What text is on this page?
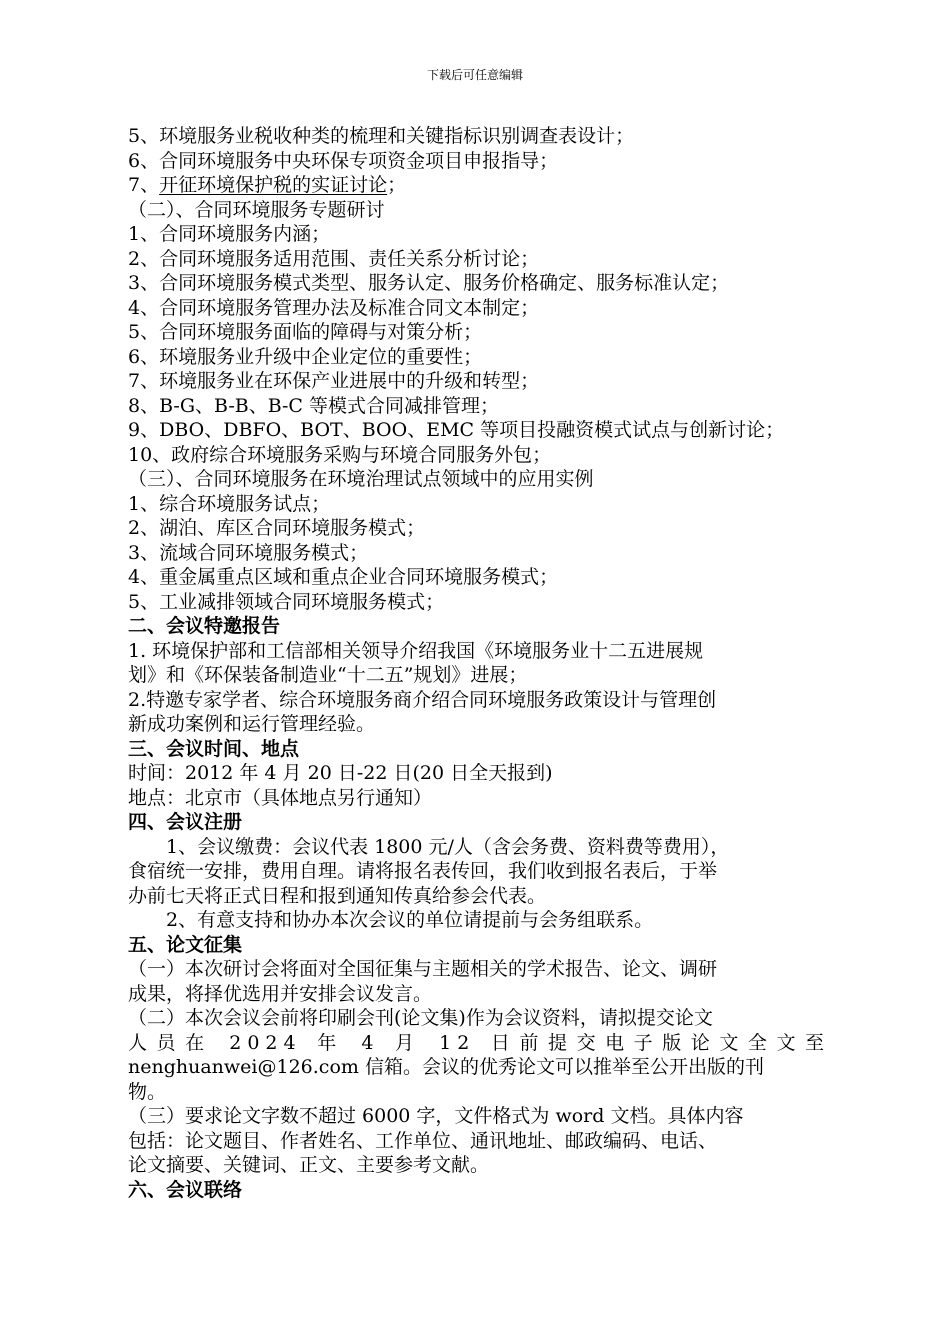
下载后可任意编辑
5、环境服务业税收种类的梳理和关键指标识别调查表设计；
6、合同环境服务中央环保专项资金项目申报指导；
7、开征环境保护税的实证讨论；
（二）、合同环境服务专题研讨
1、合同环境服务内涵；
2、合同环境服务适用范围、责任关系分析讨论；
3、合同环境服务模式类型、服务认定、服务价格确定、服务标准认定；
4、合同环境服务管理办法及标准合同文本制定；
5、合同环境服务面临的障碍与对策分析；
6、环境服务业升级中企业定位的重要性；
7、环境服务业在环保产业进展中的升级和转型；
8、B-G、B-B、B-C 等模式合同减排管理；
9、DBO、DBFO、BOT、BOO、EMC 等项目投融资模式试点与创新讨论；
10、政府综合环境服务采购与环境合同服务外包；
（三）、合同环境服务在环境治理试点领域中的应用实例
1、综合环境服务试点；
2、湖泊、库区合同环境服务模式；
3、流域合同环境服务模式；
4、重金属重点区域和重点企业合同环境服务模式；
5、工业减排领域合同环境服务模式；
二、会议特邀报告
1. 环境保护部和工信部相关领导介绍我国《环境服务业十二五进展规
划》和《环保装备制造业“十二五”规划》进展；
2.特邀专家学者、综合环境服务商介绍合同环境服务政策设计与管理创
新成功案例和运行管理经验。
三、会议时间、地点
时间：2012 年 4 月 20 日-22 日(20 日全天报到)
地点：北京市（具体地点另行通知）
四、会议注册
1、会议缴费：会议代表 1800 元/人（含会务费、资料费等费用），
食宿统一安排，费用自理。请将报名表传回，我们收到报名表后，于举
办前七天将正式日程和报到通知传真给参会代表。
2、有意支持和协办本次会议的单位请提前与会务组联系。
五、论文征集
（一）本次研讨会将面对全国征集与主题相关的学术报告、论文、调研
成果，将择优选用并安排会议发言。
（二）本次会议会前将印刷会刊(论文集)作为会议资料，请拟提交论文
人员在 2024 年 4 月 12 日前提交电子版论文全文至
nenghuanwei@126.com 信箱。会议的优秀论文可以推举至公开出版的刊
物。
（三）要求论文字数不超过 6000 字，文件格式为 word 文档。具体内容
包括：论文题目、作者姓名、工作单位、通讯地址、邮政编码、电话、
论文摘要、关键词、正文、主要参考文献。
六、会议联络
